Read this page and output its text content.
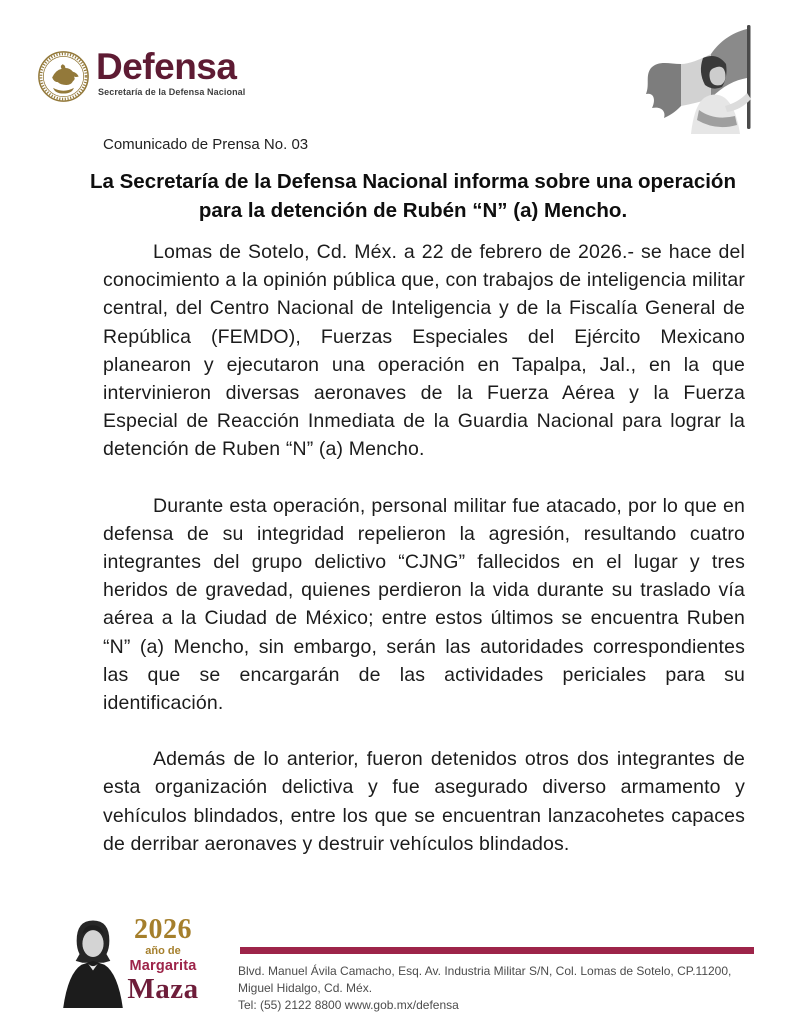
Defensa
Secretaría de la Defensa Nacional
Comunicado de Prensa No. 03
La Secretaría de la Defensa Nacional informa sobre una operación para la detención de Rubén “N” (a) Mencho.

Lomas de Sotelo, Cd. Méx. a 22 de febrero de 2026.- se hace del conocimiento a la opinión pública que, con trabajos de inteligencia militar central, del Centro Nacional de Inteligencia y de la Fiscalía General de República (FEMDO), Fuerzas Especiales del Ejército Mexicano planearon y ejecutaron una operación en Tapalpa, Jal., en la que intervinieron diversas aeronaves de la Fuerza Aérea y la Fuerza Especial de Reacción Inmediata de la Guardia Nacional para lograr la detención de Ruben “N” (a) Mencho.

Durante esta operación, personal militar fue atacado, por lo que en defensa de su integridad repelieron la agresión, resultando cuatro integrantes del grupo delictivo “CJNG” fallecidos en el lugar y tres heridos de gravedad, quienes perdieron la vida durante su traslado vía aérea a la Ciudad de México; entre estos últimos se encuentra Ruben “N” (a) Mencho, sin embargo, serán las autoridades correspondientes las que se encargarán de las actividades periciales para su identificación.

Además de lo anterior, fueron detenidos otros dos integrantes de esta organización delictiva y fue asegurado diverso armamento y vehículos blindados, entre los que se encuentran lanzacohetes capaces de derribar aeronaves y destruir vehículos blindados.

2026
año de
Margarita
Maza
Blvd. Manuel Ávila Camacho, Esq. Av. Industria Militar S/N, Col. Lomas de Sotelo, CP.11200, Miguel Hidalgo, Cd. Méx.
Tel: (55) 2122 8800 www.gob.mx/defensa
